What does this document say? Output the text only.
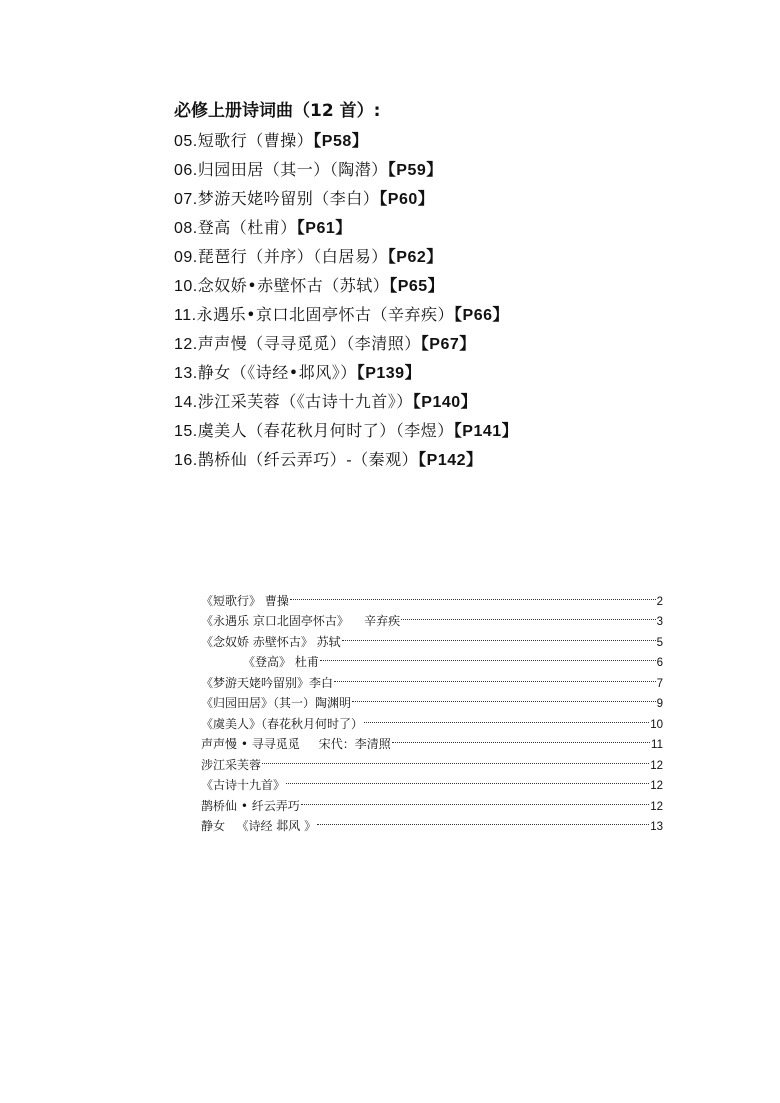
必修上册诗词曲（12 首）:
05.短歌行（曹操）【P58】
06.归园田居（其一）（陶潜）【P59】
07.梦游天姥吟留别（李白）【P60】
08.登高（杜甫）【P61】
09.琵琶行（并序）（白居易）【P62】
10.念奴娇•赤壁怀古（苏轼）【P65】
11.永遇乐•京口北固亭怀古（辛弃疾）【P66】
12.声声慢（寻寻觅觅）（李清照）【P67】
13.静女（《诗经•邶风》）【P139】
14.涉江采芙蓉（《古诗十九首》）【P140】
15.虞美人（春花秋月何时了）（李煜）【P141】
16.鹊桥仙（纤云弄巧）-（秦观）【P142】
《短歌行》 曹操	2
《永遇乐 京口北固亭怀古》    辛弃疾	3
《念奴娇 赤壁怀古》 苏轼	5
《登高》 杜甫	6
《梦游天姥吟留别》李白	7
《归园田居》（其一）陶渊明	9
《虞美人》（春花秋月何时了）	10
声声慢 • 寻寻觅觅     宋代：李清照	11
涉江采芙蓉	12
《古诗十九首》	12
鹊桥仙 • 纤云弄巧	12
静女   《诗经 邶风 》	13
